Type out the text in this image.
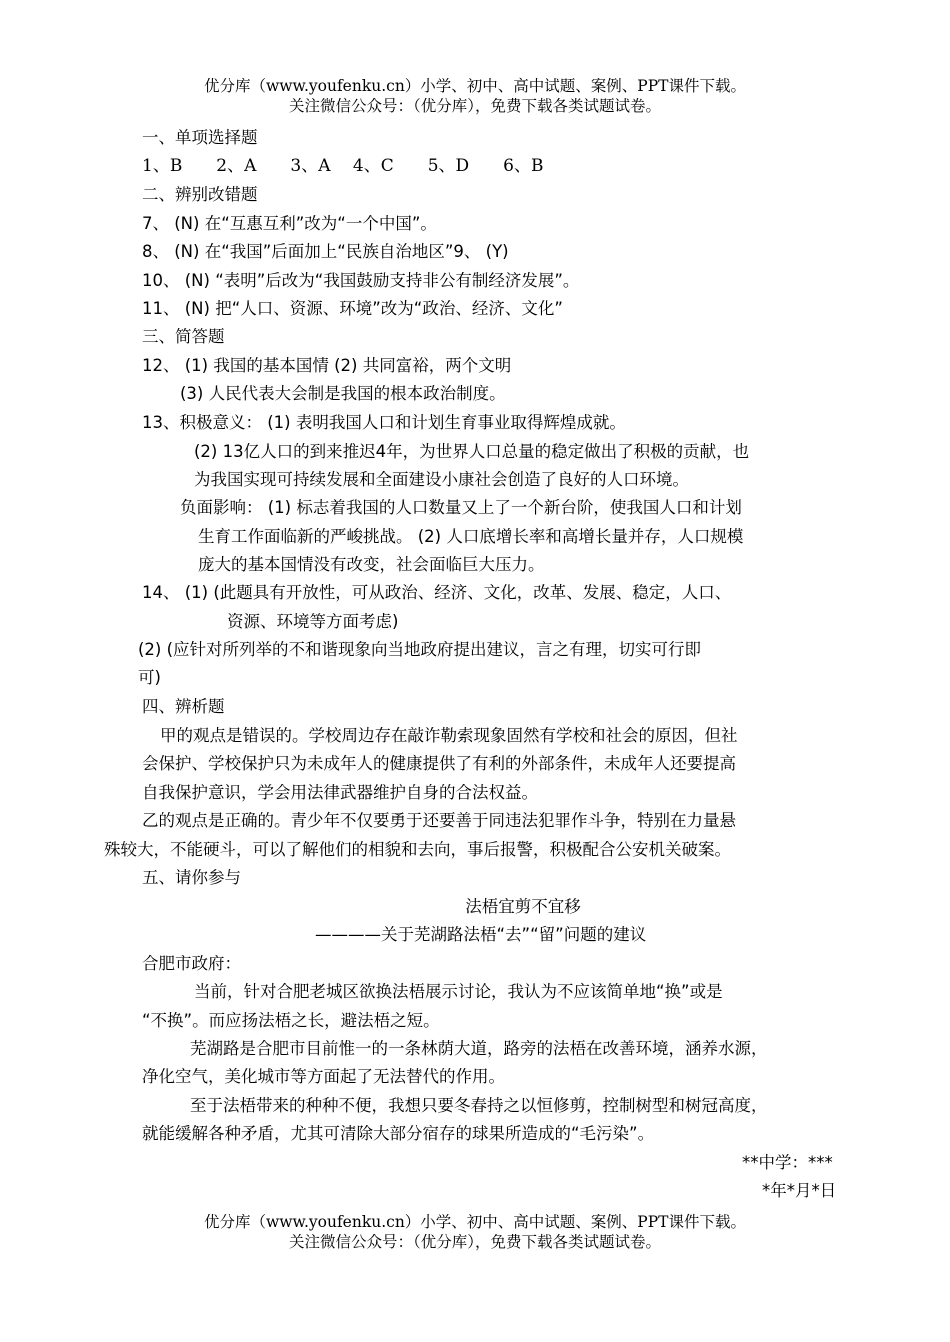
优分库（www.youfenku.cn）小学、初中、高中试题、案例、PPT课件下载。
关注微信公众号：（优分库），免费下载各类试题试卷。
一、单项选择题
1、B　　2、A　　3、A　 4、C　　5、D　　6、B
二、辨别改错题
7、 (N) 在“互惠互利”改为“一个中国”。
8、 (N) 在“我国”后面加上“民族自治地区”9、 (Y)
10、 (N) “表明”后改为“我国鼓励支持非公有制经济发展”。
11、 (N) 把“人口、资源、环境”改为“政治、经济、文化”
三、简答题
12、 (1) 我国的基本国情 (2) 共同富裕，两个文明
(3) 人民代表大会制是我国的根本政治制度。
13、积极意义： (1) 表明我国人口和计划生育事业取得辉煌成就。
(2) 13亿人口的到来推迟4年，为世界人口总量的稳定做出了积极的贡献，也
为我国实现可持续发展和全面建设小康社会创造了良好的人口环境。
负面影响： (1) 标志着我国的人口数量又上了一个新台阶，使我国人口和计划
生育工作面临新的严峻挑战。 (2) 人口底增长率和高增长量并存，人口规模
庞大的基本国情没有改变，社会面临巨大压力。
14、 (1) (此题具有开放性，可从政治、经济、文化，改革、发展、稳定，人口、
资源、环境等方面考虑)
(2) (应针对所列举的不和谐现象向当地政府提出建议，言之有理，切实可行即
可)
四、辨析题
甲的观点是错误的。学校周边存在敲诈勒索现象固然有学校和社会的原因，但社
会保护、学校保护只为未成年人的健康提供了有利的外部条件，未成年人还要提高
自我保护意识，学会用法律武器维护自身的合法权益。
乙的观点是正确的。青少年不仅要勇于还要善于同违法犯罪作斗争，特别在力量悬
殊较大，不能硬斗，可以了解他们的相貌和去向，事后报警，积极配合公安机关破案。
五、请你参与
法梧宜剪不宜移
————关于芜湖路法梧“去”“留”问题的建议
合肥市政府：
当前，针对合肥老城区欲换法梧展示讨论，我认为不应该简单地“换”或是
“不换”。而应扬法梧之长，避法梧之短。
芜湖路是合肥市目前惟一的一条林荫大道，路旁的法梧在改善环境，涵养水源，
净化空气，美化城市等方面起了无法替代的作用。
至于法梧带来的种种不便，我想只要冬春持之以恒修剪，控制树型和树冠高度，
就能缓解各种矛盾，尤其可清除大部分宿存的球果所造成的“毛污染”。
**中学：***
*年*月*日
优分库（www.youfenku.cn）小学、初中、高中试题、案例、PPT课件下载。
关注微信公众号：（优分库），免费下载各类试题试卷。
